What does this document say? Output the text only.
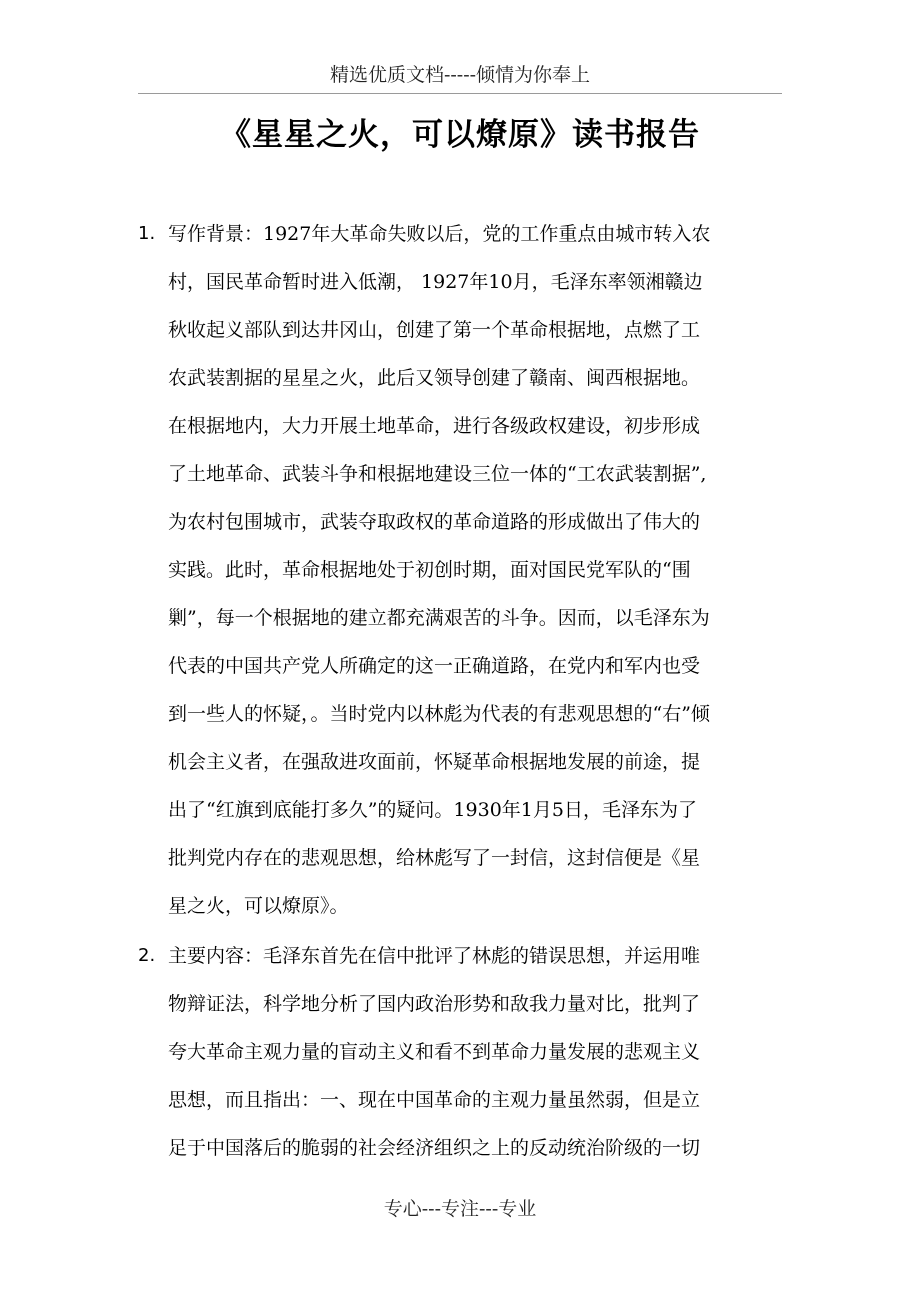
精选优质文档-----倾情为你奉上
《星星之火，可以燎原》读书报告
1. 写作背景：1927年大革命失败以后，党的工作重点由城市转入农
村，国民革命暂时进入低潮， 1927年10月，毛泽东率领湘赣边
秋收起义部队到达井冈山，创建了第一个革命根据地，点燃了工
农武装割据的星星之火，此后又领导创建了赣南、闽西根据地。
在根据地内，大力开展土地革命，进行各级政权建设，初步形成
了土地革命、武装斗争和根据地建设三位一体的“工农武装割据”,
为农村包围城市，武装夺取政权的革命道路的形成做出了伟大的
实践。此时，革命根据地处于初创时期，面对国民党军队的“围
剿”，每一个根据地的建立都充满艰苦的斗争。因而，以毛泽东为
代表的中国共产党人所确定的这一正确道路，在党内和军内也受
到一些人的怀疑，。当时党内以林彪为代表的有悲观思想的“右”倾
机会主义者，在强敌进攻面前，怀疑革命根据地发展的前途，提
出了“红旗到底能打多久”的疑问。1930年1月5日，毛泽东为了
批判党内存在的悲观思想，给林彪写了一封信，这封信便是《星
星之火，可以燎原》。
2. 主要内容：毛泽东首先在信中批评了林彪的错误思想，并运用唯
物辩证法，科学地分析了国内政治形势和敌我力量对比，批判了
夸大革命主观力量的盲动主义和看不到革命力量发展的悲观主义
思想，而且指出：一、现在中国革命的主观力量虽然弱，但是立
足于中国落后的脆弱的社会经济组织之上的反动统治阶级的一切
专心---专注---专业
